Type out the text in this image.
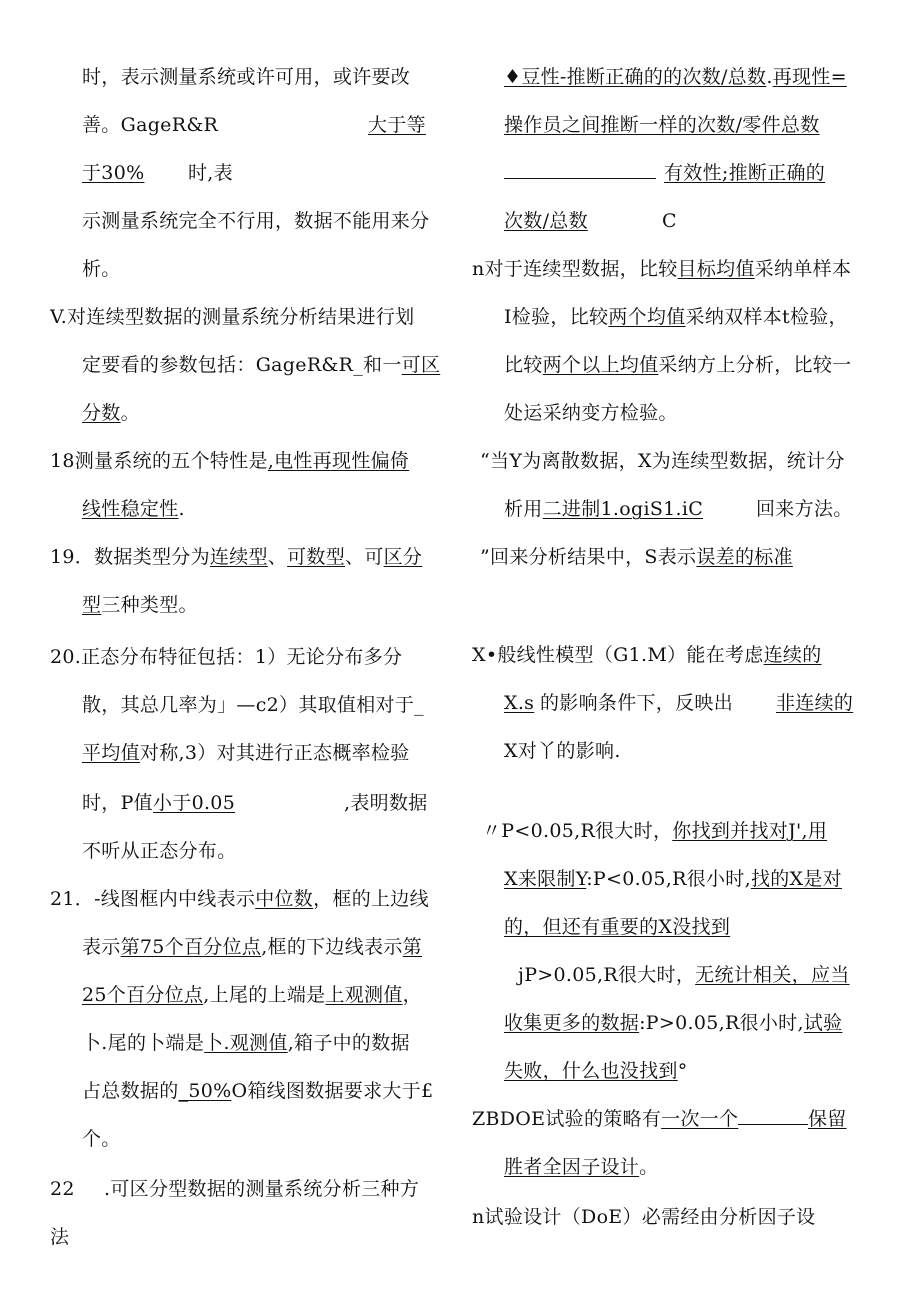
时，表示测量系统或许可用，或许要改
善。GageR&R	大于等
于30% 时,表
示测量系统完全不行用，数据不能用来分
析。
V.对连续型数据的测量系统分析结果进行划
定要看的参数包括：GageR&R_和一可区
分数。
18测量系统的五个特性是,电性再现性偏倚
线性稳定性.
19．数据类型分为连续型、可数型、可区分
型三种类型。
20.正态分布特征包括：1）无论分布多分
散，其总几率为」—c2）其取值相对于_
平均值对称,3）对其进行正态概率检验
时，P值小于0.05	,表明数据
不听从正态分布。
21．-线图框内中线表示中位数，框的上边线
表示第75个百分位点,框的下边线表示第
25个百分位点,上尾的上端是上观测值，
卜.尾的卜端是卜.观测值,箱子中的数据
占总数据的_50%O箱线图数据要求大于£
个。
22 .可区分型数据的测量系统分析三种方
法
♦豆性-推断正确的的次数/总数.再现性=
操作员之间推断一样的次数/零件总数
有效性;推断正确的
次数/总数	C
n对于连续型数据，比较目标均值采纳单样本
I检验，比较两个均值采纳双样本t检验，
比较两个以上均值采纳方上分析，比较一
处运采纳变方检验。
“当Y为离散数据，X为连续型数据，统计分
析用二进制1.ogiS1.iC	回来方法。
”回来分析结果中，S表示误差的标准
X•般线性模型（G1.M）能在考虑连续的
X.s 的影响条件下，反映出 非连续的
X对丫的影响.
〃P<0.05,R很大时，你找到并找对J',用
X来限制Y:P<0.05,R很小时,找的X是对
的，但还有重要的X没找到
jP>0.05,R很大时，无统计相关，应当
收集更多的数据:P>0.05,R很小时,试验
失败，什么也没找到°
ZBDOE试验的策略有一次一个	保留
胜者全因子设计。
n试验设计（DoE）必需经由分析因子设
